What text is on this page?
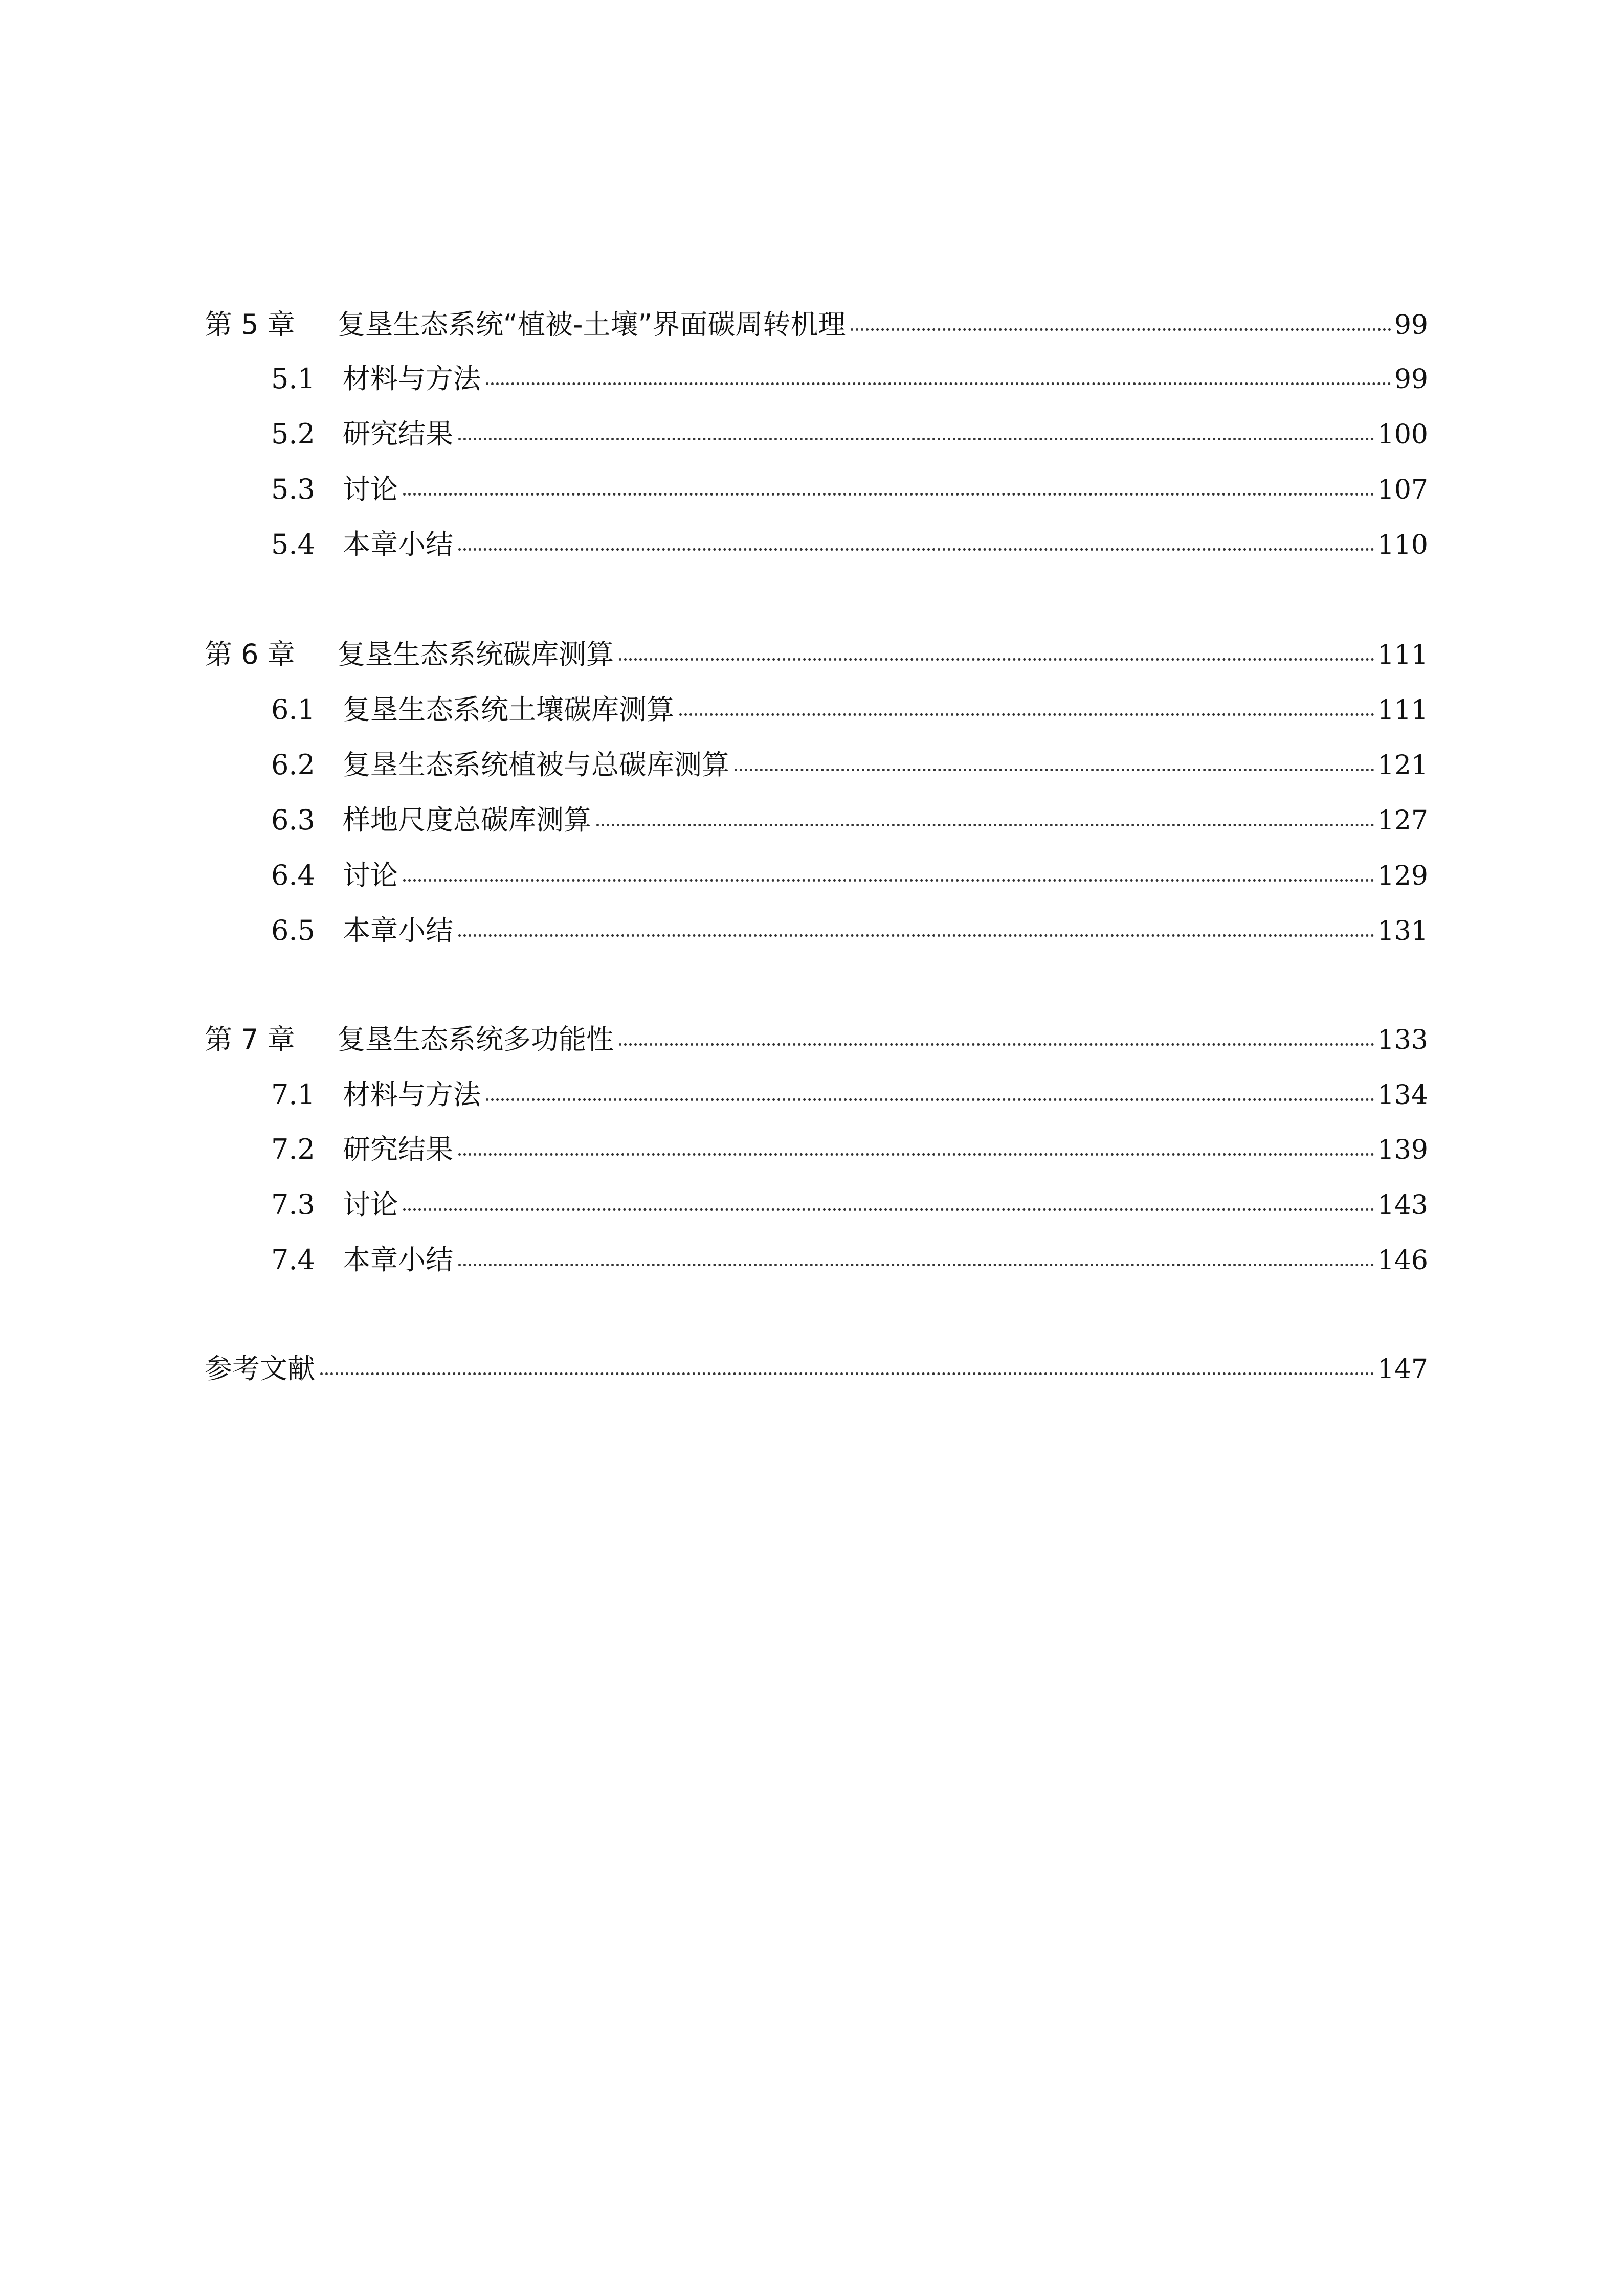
第 5 章	复垦生态系统“植被-土壤”界面碳周转机理	99
5.1	材料与方法	99
5.2	研究结果	100
5.3	讨论	107
5.4	本章小结	110
第 6 章	复垦生态系统碳库测算	111
6.1	复垦生态系统土壤碳库测算	111
6.2	复垦生态系统植被与总碳库测算	121
6.3	样地尺度总碳库测算	127
6.4	讨论	129
6.5	本章小结	131
第 7 章	复垦生态系统多功能性	133
7.1	材料与方法	134
7.2	研究结果	139
7.3	讨论	143
7.4	本章小结	146
参考文献	147
